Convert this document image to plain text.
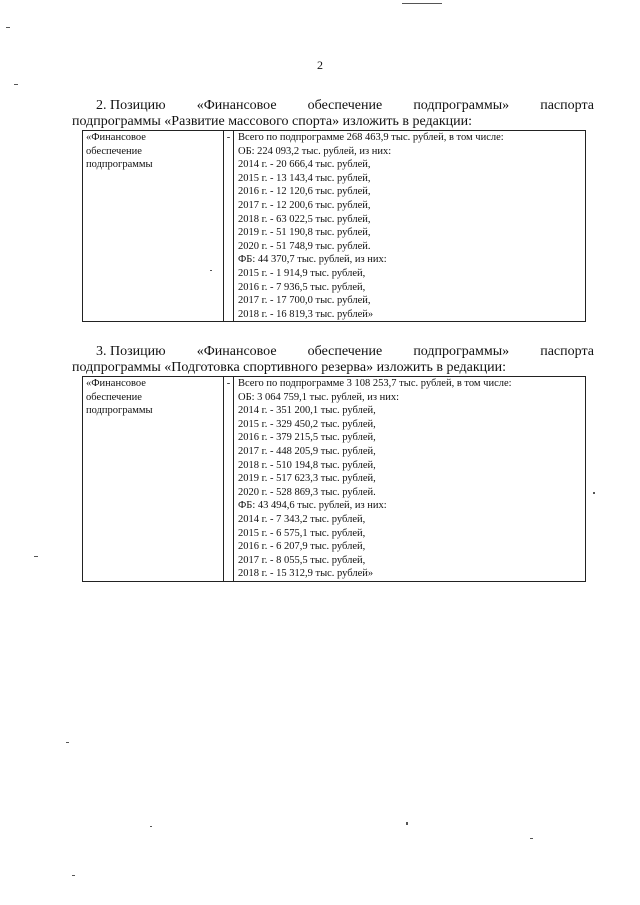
2
2. Позицию «Финансовое обеспечение подпрограммы» паспорта
подпрограммы «Развитие массового спорта» изложить в редакции:
«Финансовое
обеспечение
подпрограммы
	-	Всего по подпрограмме 268 463,9 тыс. рублей, в том числе:
ОБ: 224 093,2 тыс. рублей, из них:
2014 г. - 20 666,4 тыс. рублей,
2015 г. - 13 143,4 тыс. рублей,
2016 г. - 12 120,6 тыс. рублей,
2017 г. - 12 200,6 тыс. рублей,
2018 г. - 63 022,5 тыс. рублей,
2019 г. - 51 190,8 тыс. рублей,
2020 г. - 51 748,9 тыс. рублей.
ФБ: 44 370,7 тыс. рублей, из них:
2015 г. - 1 914,9 тыс. рублей,
2016 г. - 7 936,5 тыс. рублей,
2017 г. - 17 700,0 тыс. рублей,
2018 г. - 16 819,3 тыс. рублей»
3. Позицию «Финансовое обеспечение подпрограммы» паспорта
подпрограммы «Подготовка спортивного резерва» изложить в редакции:
«Финансовое
обеспечение
подпрограммы
	-	Всего по подпрограмме 3 108 253,7 тыс. рублей, в том числе:
ОБ: 3 064 759,1 тыс. рублей, из них:
2014 г. - 351 200,1 тыс. рублей,
2015 г. - 329 450,2 тыс. рублей,
2016 г. - 379 215,5 тыс. рублей,
2017 г. - 448 205,9 тыс. рублей,
2018 г. - 510 194,8 тыс. рублей,
2019 г. - 517 623,3 тыс. рублей,
2020 г. - 528 869,3 тыс. рублей.
ФБ: 43 494,6 тыс. рублей, из них:
2014 г. - 7 343,2 тыс. рублей,
2015 г. - 6 575,1 тыс. рублей,
2016 г. - 6 207,9 тыс. рублей,
2017 г. - 8 055,5 тыс. рублей,
2018 г. - 15 312,9 тыс. рублей»
